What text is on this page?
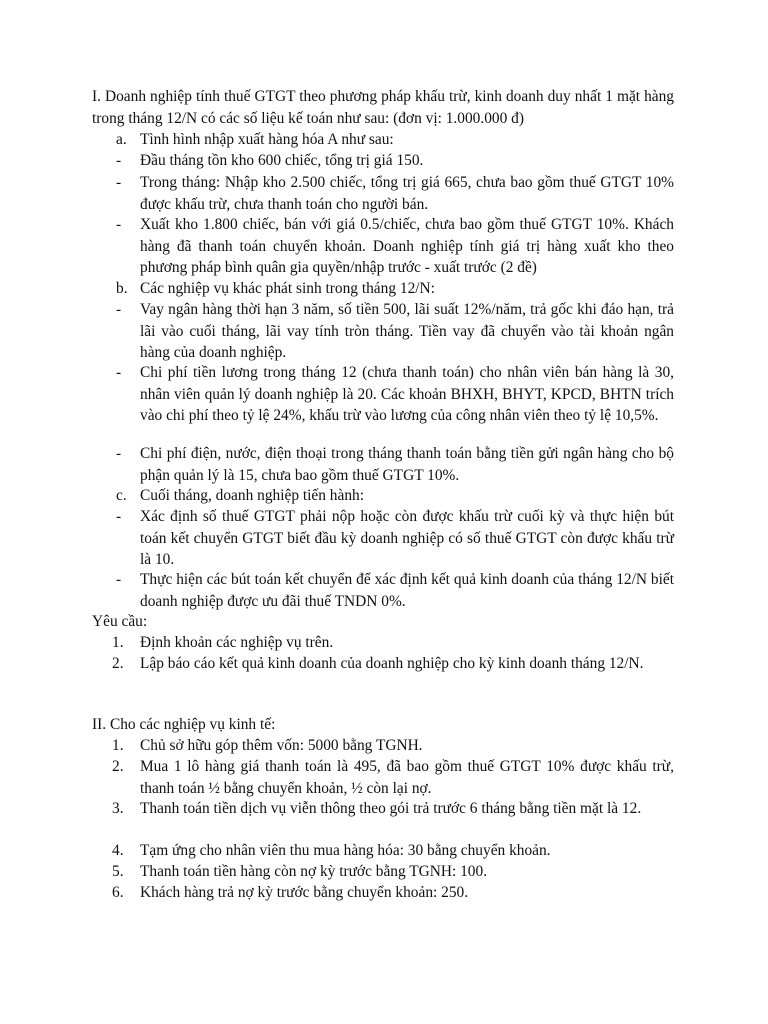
I. Doanh nghiệp tính thuế GTGT theo phương pháp khấu trừ, kinh doanh duy nhất 1 mặt hàng trong tháng 12/N có các số liệu kế toán như sau: (đơn vị: 1.000.000 đ)
a. Tình hình nhập xuất hàng hóa A như sau:
-	Đầu tháng tồn kho 600 chiếc, tổng trị giá 150.
-	Trong tháng: Nhập kho 2.500 chiếc, tổng trị giá 665, chưa bao gồm thuế GTGT 10% được khấu trừ, chưa thanh toán cho người bán.
-	Xuất kho 1.800 chiếc, bán với giá 0.5/chiếc, chưa bao gồm thuế GTGT 10%. Khách hàng đã thanh toán chuyển khoản. Doanh nghiệp tính giá trị hàng xuất kho theo phương pháp bình quân gia quyền/nhập trước - xuất trước (2 đề)
b. Các nghiệp vụ khác phát sinh trong tháng 12/N:
-	Vay ngân hàng thời hạn 3 năm, số tiền 500, lãi suất 12%/năm, trả gốc khi đáo hạn, trả lãi vào cuối tháng, lãi vay tính tròn tháng. Tiền vay đã chuyển vào tài khoản ngân hàng của doanh nghiệp.
-	Chi phí tiền lương trong tháng 12 (chưa thanh toán) cho nhân viên bán hàng là 30, nhân viên quản lý doanh nghiệp là 20. Các khoản BHXH, BHYT, KPCD, BHTN trích vào chi phí theo tỷ lệ 24%, khấu trừ vào lương của công nhân viên theo tỷ lệ 10,5%.
-	Chi phí điện, nước, điện thoại trong tháng thanh toán bằng tiền gửi ngân hàng cho bộ phận quản lý là 15, chưa bao gồm thuế GTGT 10%.
c. Cuối tháng, doanh nghiệp tiến hành:
-	Xác định số thuế GTGT phải nộp hoặc còn được khấu trừ cuối kỳ và thực hiện bút toán kết chuyển GTGT biết đầu kỳ doanh nghiệp có số thuế GTGT còn được khấu trừ là 10.
-	Thực hiện các bút toán kết chuyển để xác định kết quả kinh doanh của tháng 12/N biết doanh nghiệp được ưu đãi thuế TNDN 0%.
Yêu cầu:
1.	Định khoản các nghiệp vụ trên.
2.	Lập báo cáo kết quả kinh doanh của doanh nghiệp cho kỳ kinh doanh tháng 12/N.
II. Cho các nghiệp vụ kinh tế:
1.	Chủ sở hữu góp thêm vốn: 5000 bằng TGNH.
2.	Mua 1 lô hàng giá thanh toán là 495, đã bao gồm thuế GTGT 10% được khấu trừ, thanh toán ½ bằng chuyển khoản, ½ còn lại nợ.
3.	Thanh toán tiền dịch vụ viễn thông theo gói trả trước 6 tháng bằng tiền mặt là 12.
4.	Tạm ứng cho nhân viên thu mua hàng hóa: 30 bằng chuyển khoản.
5.	Thanh toán tiền hàng còn nợ kỳ trước bằng TGNH: 100.
6.	Khách hàng trả nợ kỳ trước bằng chuyển khoản: 250.
